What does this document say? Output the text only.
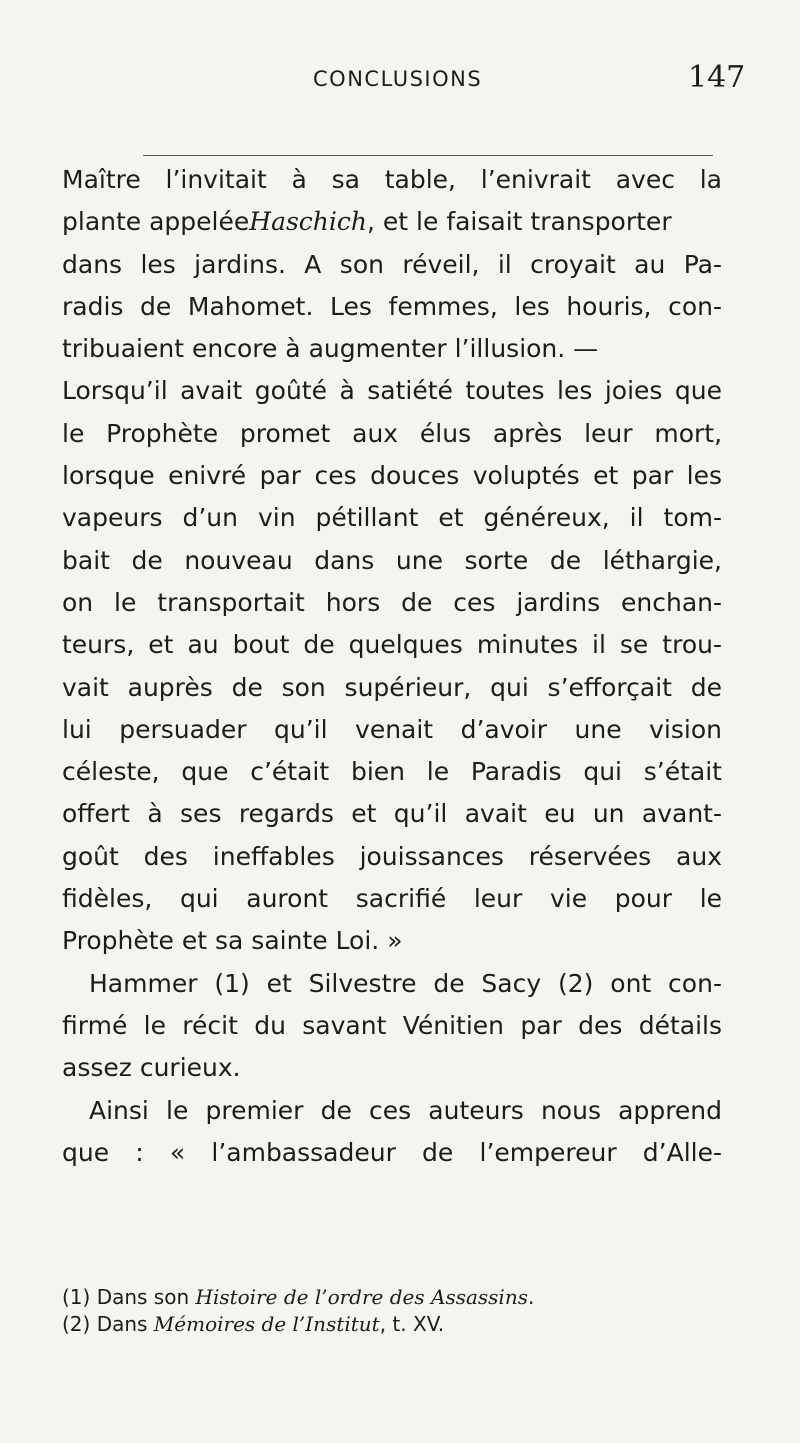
CONCLUSIONS	147
Maître l’invitait à sa table, l’enivrait avec la
plante appeléeHaschich, et le faisait transporter
dans les jardins. A son réveil, il croyait au Pa-
radis de Mahomet. Les femmes, les houris, con-
tribuaient encore à augmenter l’illusion. —
Lorsqu’il avait goûté à satiété toutes les joies que
le Prophète promet aux élus après leur mort,
lorsque enivré par ces douces voluptés et par les
vapeurs d’un vin pétillant et généreux, il tom-
bait de nouveau dans une sorte de léthargie,
on le transportait hors de ces jardins enchan-
teurs, et au bout de quelques minutes il se trou-
vait auprès de son supérieur, qui s’efforçait de
lui persuader qu’il venait d’avoir une vision
céleste, que c’était bien le Paradis qui s’était
offert à ses regards et qu’il avait eu un avant-
goût des ineffables jouissances réservées aux
fidèles, qui auront sacrifié leur vie pour le
Prophète et sa sainte Loi. »
Hammer (1) et Silvestre de Sacy (2) ont con-
firmé le récit du savant Vénitien par des détails
assez curieux.
Ainsi le premier de ces auteurs nous apprend
que : « l’ambassadeur de l’empereur d’Alle-
(1) Dans son Histoire de l’ordre des Assassins.
(2) Dans Mémoires de l’Institut, t. XV.
